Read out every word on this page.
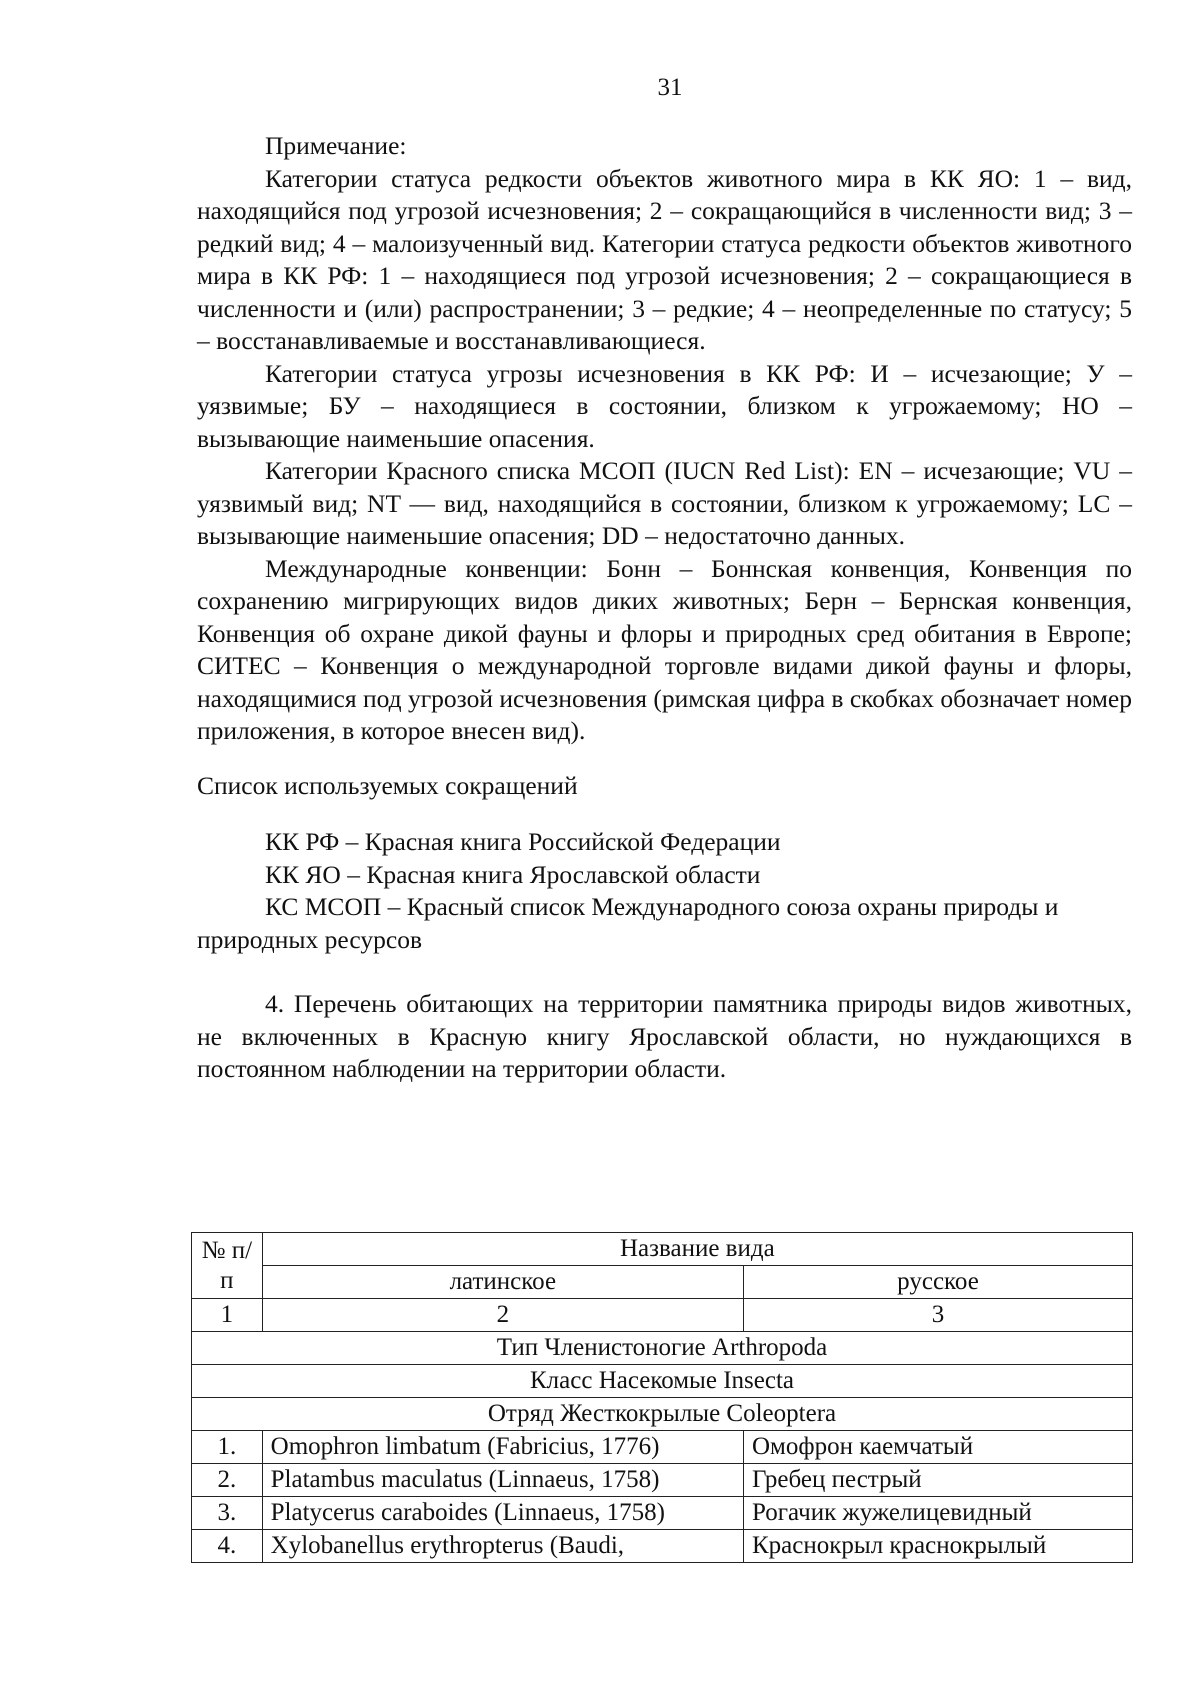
31

Примечание:

Категории статуса редкости объектов животного мира в КК ЯО: 1 – вид, находящийся под угрозой исчезновения; 2 – сокращающийся в численности вид; 3 – редкий вид; 4 – малоизученный вид. Категории статуса редкости объектов животного мира в КК РФ: 1 – находящиеся под угрозой исчезновения; 2 – сокращающиеся в численности и (или) распространении; 3 – редкие; 4 – неопределенные по статусу; 5 – восстанавливаемые и восстанавливающиеся.

Категории статуса угрозы исчезновения в КК РФ: И – исчезающие; У – уязвимые; БУ – находящиеся в состоянии, близком к угрожаемому; НО – вызывающие наименьшие опасения.

Категории Красного списка МСОП (IUCN Red List): EN – исчезающие; VU – уязвимый вид; NT — вид, находящийся в состоянии, близком к угрожаемому; LC – вызывающие наименьшие опасения; DD – недостаточно данных.

Международные конвенции: Бонн – Боннская конвенция, Конвенция по сохранению мигрирующих видов диких животных; Берн – Бернская конвенция, Конвенция об охране дикой фауны и флоры и природных сред обитания в Европе; СИТЕС – Конвенция о международной торговле видами дикой фауны и флоры, находящимися под угрозой исчезновения (римская цифра в скобках обозначает номер приложения, в которое внесен вид).

Список используемых сокращений

КК РФ – Красная книга Российской Федерации

КК ЯО – Красная книга Ярославской области

КС МСОП – Красный список Международного союза охраны природы и природных ресурсов

4. Перечень обитающих на территории памятника природы видов животных, не включенных в Красную книгу Ярославской области, но нуждающихся в постоянном наблюдении на территории области.

№ п/п	Название вида	
	латинское	русское
1	2	3
Тип Членистоногие Arthropoda		
Класс Насекомые Insecta		
Отряд Жесткокрылые Coleoptera		
1.	Omophron limbatum (Fabricius, 1776)	Омофрон каемчатый
2.	Platambus maculatus (Linnaeus, 1758)	Гребец пестрый
3.	Platycerus caraboides (Linnaeus, 1758)	Рогачик жужелицевидный
4.	Xylobanellus erythropterus (Baudi,	Краснокрыл краснокрылый
